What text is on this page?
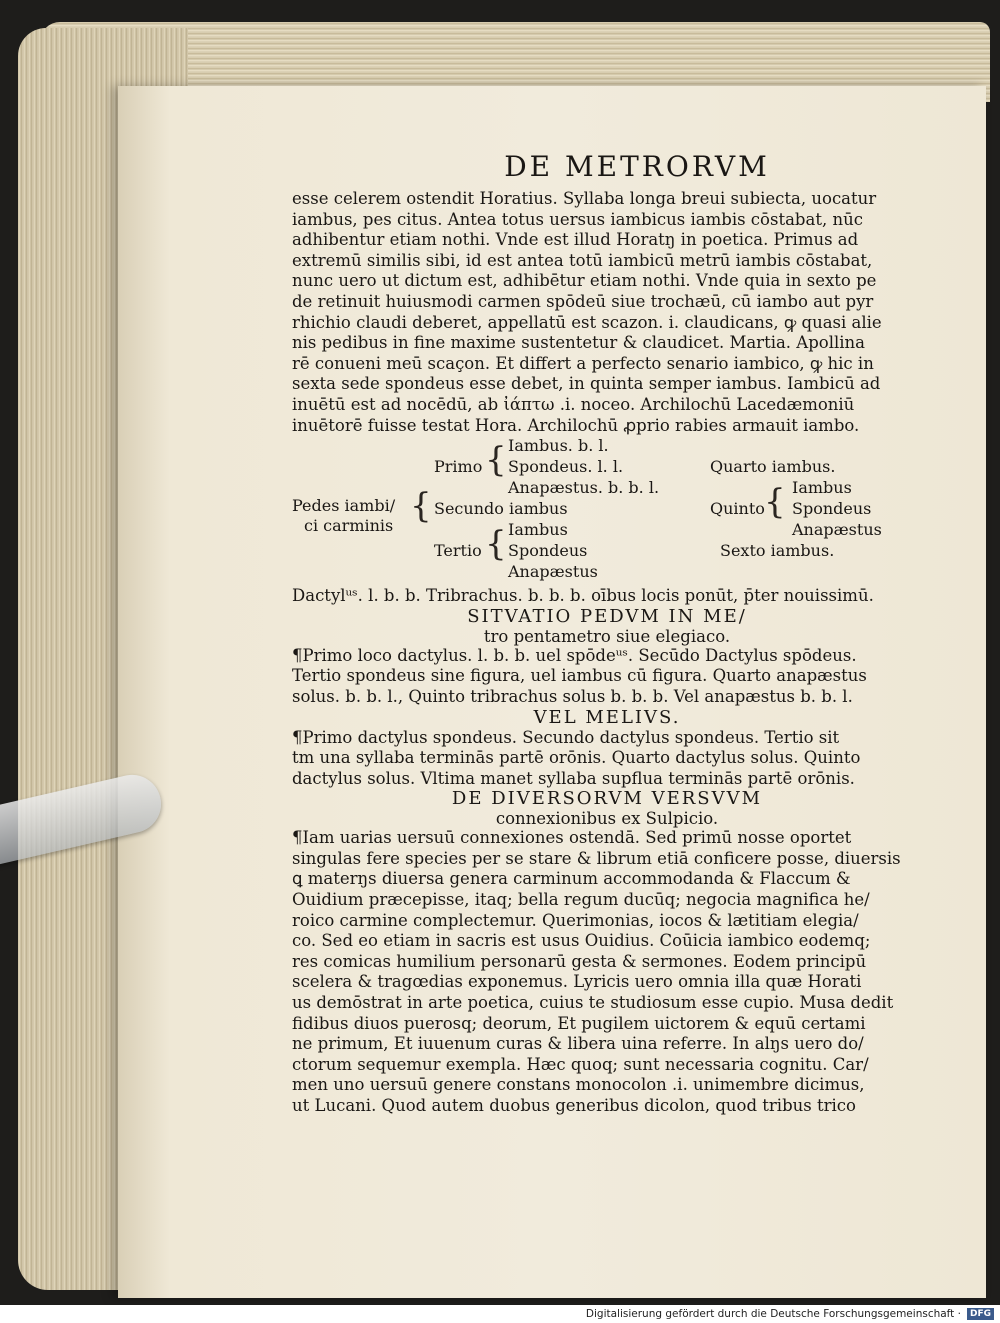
DE METRORVM
esse celerem ostendit Horatius. Syllaba longa breui subiecta, uocatur
iambus, pes citus. Antea totus uersus iambicus iambis cōstabat, nūc
adhibentur etiam nothi. Vnde est illud Horatŋ in poetica. Primus ad
extremū similis sibi, id est antea totū iambicū metrū iambis cōstabat,
nunc uero ut dictum est, adhibētur etiam nothi. Vnde quia in sexto pe
de retinuit huiusmodi carmen spōdeū siue trochæū, cū iambo aut pyr
rhichio claudi deberet, appellatū est scazon. i. claudicans, ꝙ quasi alie
nis pedibus in fine maxime sustentetur & claudicet. Martia. Apollina
rē conueni meū scaçon. Et differt a perfecto senario iambico, ꝙ hic in
sexta sede spondeus esse debet, in quinta semper iambus. Iambicū ad
inuētū est ad nocēdū, ab ἰάπτω .i. noceo. Archilochū Lacedæmoniū
inuētorē fuisse testat Hora. Archilochū ꝓprio rabies armauit iambo.
Pedes iambi/
ci carminis {
Primo { Iambus. b. l.
Spondeus. l. l.
Anapæstus. b. b. l.
Secundo iambus
Tertio { Iambus
Spondeus
Anapæstus
Quarto iambus.
Quinto { Iambus
Spondeus
Anapæstus
Sexto iambus.
Dactylᵘˢ. l. b. b. Tribrachus. b. b. b. oībus locis ponūt, p̄ter nouissimū.
SITVATIO PEDVM IN ME/
tro pentametro siue elegiaco.
¶Primo loco dactylus. l. b. b. uel spōdeᵘˢ. Secūdo Dactylus spōdeus.
Tertio spondeus sine figura, uel iambus cū figura. Quarto anapæstus
solus. b. b. l., Quinto tribrachus solus b. b. b. Vel anapæstus b. b. l.
VEL MELIVS.
¶Primo dactylus spondeus. Secundo dactylus spondeus. Tertio sit
tm una syllaba terminās partē orōnis. Quarto dactylus solus. Quinto
dactylus solus. Vltima manet syllaba supflua terminās partē orōnis.
DE DIVERSORVM VERSVVM
connexionibus ex Sulpicio.
¶Iam uarias uersuū connexiones ostendā. Sed primū nosse oportet
singulas fere species per se stare & librum etiā conficere posse, diuersis
ꝗ materŋs diuersa genera carminum accommodanda & Flaccum &
Ouidium præcepisse, itaq; bella regum ducūq; negocia magnifica he/
roico carmine complectemur. Querimonias, iocos & lætitiam elegia/
co. Sed eo etiam in sacris est usus Ouidius. Coūicia iambico eodemq;
res comicas humilium personarū gesta & sermones. Eodem principū
scelera & tragœdias exponemus. Lyricis uero omnia illa quæ Horati
us demōstrat in arte poetica, cuius te studiosum esse cupio. Musa dedit
fidibus diuos puerosq; deorum, Et pugilem uictorem & equū certami
ne primum, Et iuuenum curas & libera uina referre. In alŋs uero do/
ctorum sequemur exempla. Hæc quoq; sunt necessaria cognitu. Car/
men uno uersuū genere constans monocolon .i. unimembre dicimus,
ut Lucani. Quod autem duobus generibus dicolon, quod tribus trico
Digitalisierung gefördert durch die Deutsche Forschungsgemeinschaft ·	DFG
